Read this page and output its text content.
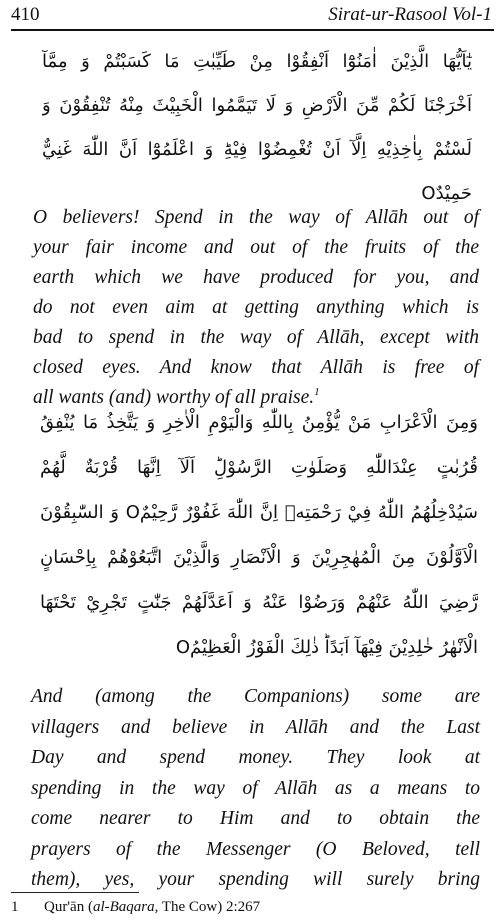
410	Sirat-ur-Rasool Vol-1
يٰٓاَيُّهَا الَّذِيْنَ اٰمَنُوْٓا اَنْفِقُوْا مِنْ طَيِّبٰتِ مَا كَسَبْتُمْ وَ مِمَّآ
اَخْرَجْنَا لَكُمْ مِّنَ الْاَرْضِ وَ لَا تَيَمَّمُوا الْخَبِيْثَ مِنْهُ تُنْفِقُوْنَ وَ
لَسْتُمْ بِاٰخِذِيْهِ اِلَّآ اَنْ تُغْمِضُوْا فِيْهِؕ وَ اعْلَمُوْٓا اَنَّ اللّٰهَ غَنِيٌّ
حَمِيْدٌO
O believers! Spend in the way of Allāh out of
your fair income and out of the fruits of the
earth which we have produced for you, and
do not even aim at getting anything which is
bad to spend in the way of Allāh, except with
closed eyes. And know that Allāh is free of
all wants (and) worthy of all praise.$^1$
وَمِنَ الْاَعْرَابِ مَنْ يُّؤْمِنُ بِاللّٰهِ وَالْيَوْمِ الْاٰخِرِ وَ يَتَّخِذُ مَا يُنْفِقُ
قُرُبٰتٍ عِنْدَاللّٰهِ وَصَلَوٰتِ الرَّسُوْلِؕ اَلَآ اِنَّهَا قُرْبَةٌ لَّهُمْ
سَيُدْخِلُهُمُ اللّٰهُ فِيْ رَحْمَتِهٖ اِنَّ اللّٰهَ غَفُوْرٌ رَّحِيْمٌO وَ السّٰبِقُوْنَ
الْاَوَّلُوْنَ مِنَ الْمُهٰجِرِيْنَ وَ الْاَنْصَارِ وَالَّذِيْنَ اتَّبَعُوْهُمْ بِاِحْسَانٍ
رَّضِيَ اللّٰهُ عَنْهُمْ وَرَضُوْا عَنْهُ وَ اَعَدَّلَهُمْ جَنّٰتٍ تَجْرِيْ تَحْتَهَا
الْاَنْهٰرُ خٰلِدِيْنَ فِيْهَآ اَبَدًاؕ ذٰلِكَ الْفَوْزُ الْعَظِيْمُO
And (among the Companions) some are
villagers and believe in Allāh and the Last
Day and spend money. They look at
spending in the way of Allāh as a means to
come nearer to Him and to obtain the
prayers of the Messenger (O Beloved, tell
them), yes, your spending will surely bring
1 Qur'ān (al-Baqara, The Cow) 2:267
